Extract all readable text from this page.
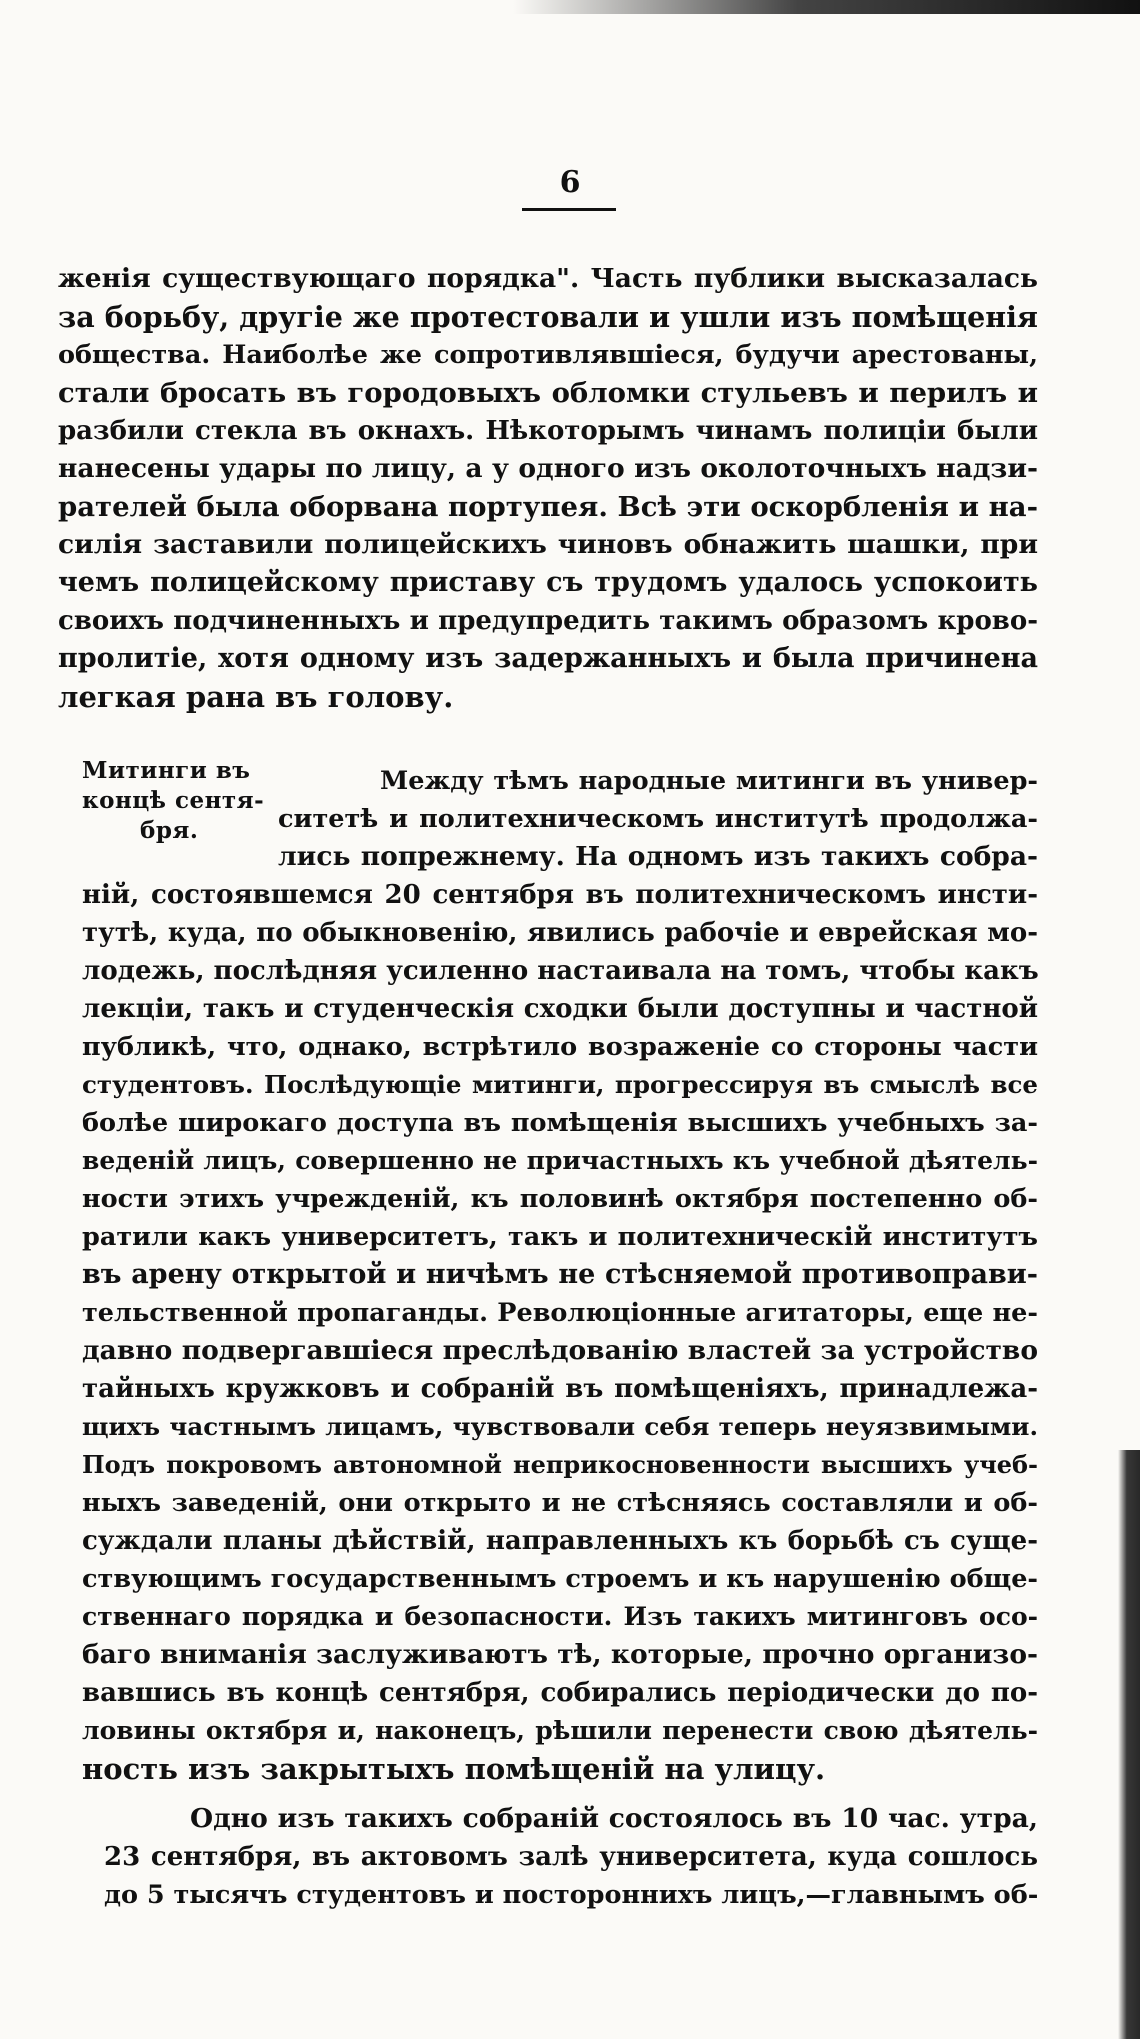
6
женія существующаго порядка". Часть публики высказалась
за борьбу, другіе же протестовали и ушли изъ помѣщенія
общества. Наиболѣе же сопротивлявшіеся, будучи арестованы,
стали бросать въ городовыхъ обломки стульевъ и перилъ и
разбили стекла въ окнахъ. Нѣкоторымъ чинамъ полиціи были
нанесены удары по лицу, а у одного изъ околоточныхъ надзи-
рателей была оборвана портупея. Всѣ эти оскорбленія и на-
силія заставили полицейскихъ чиновъ обнажить шашки, при
чемъ полицейскому приставу съ трудомъ удалось успокоить
своихъ подчиненныхъ и предупредить такимъ образомъ крово-
пролитіе, хотя одному изъ задержанныхъ и была причинена
легкая рана въ голову.
Митинги въ
концѣ сентя-
бря.
Между тѣмъ народные митинги въ универ-
ситетѣ и политехническомъ институтѣ продолжа-
лись попрежнему. На одномъ изъ такихъ собра-
ній, состоявшемся 20 сентября въ политехническомъ инсти-
тутѣ, куда, по обыкновенію, явились рабочіе и еврейская мо-
лодежь, послѣдняя усиленно настаивала на томъ, чтобы какъ
лекціи, такъ и студенческія сходки были доступны и частной
публикѣ, что, однако, встрѣтило возраженіе со стороны части
студентовъ. Послѣдующіе митинги, прогрессируя въ смыслѣ все
болѣе широкаго доступа въ помѣщенія высшихъ учебныхъ за-
веденій лицъ, совершенно не причастныхъ къ учебной дѣятель-
ности этихъ учрежденій, къ половинѣ октября постепенно об-
ратили какъ университетъ, такъ и политехническій институтъ
въ арену открытой и ничѣмъ не стѣсняемой противоправи-
тельственной пропаганды. Революціонные агитаторы, еще не-
давно подвергавшіеся преслѣдованію властей за устройство
тайныхъ кружковъ и собраній въ помѣщеніяхъ, принадлежа-
щихъ частнымъ лицамъ, чувствовали себя теперь неуязвимыми.
Подъ покровомъ автономной неприкосновенности высшихъ учеб-
ныхъ заведеній, они открыто и не стѣсняясь составляли и об-
суждали планы дѣйствій, направленныхъ къ борьбѣ съ суще-
ствующимъ государственнымъ строемъ и къ нарушенію обще-
ственнаго порядка и безопасности. Изъ такихъ митинговъ осо-
баго вниманія заслуживаютъ тѣ, которые, прочно организо-
вавшись въ концѣ сентября, собирались періодически до по-
ловины октября и, наконецъ, рѣшили перенести свою дѣятель-
ность изъ закрытыхъ помѣщеній на улицу.
Одно изъ такихъ собраній состоялось въ 10 час. утра,
23 сентября, въ актовомъ залѣ университета, куда сошлось
до 5 тысячъ студентовъ и постороннихъ лицъ,—главнымъ об-
